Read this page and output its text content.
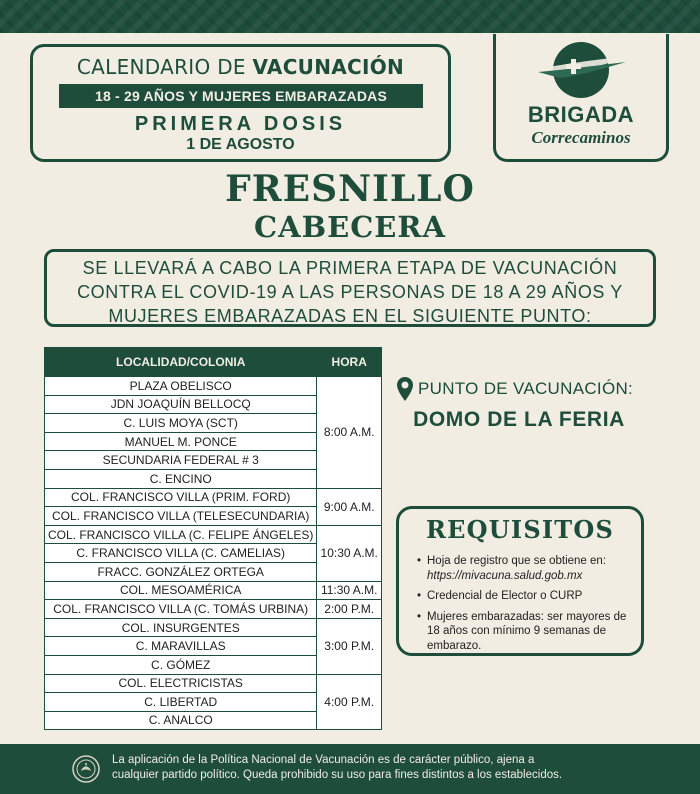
CALENDARIO DE VACUNACIÓN
18 - 29 AÑOS Y MUJERES EMBARAZADAS
PRIMERA DOSIS
1 DE AGOSTO
BRIGADA
Correcaminos
FRESNILLO
CABECERA
SE LLEVARÁ A CABO LA PRIMERA ETAPA DE VACUNACIÓN
CONTRA EL COVID-19 A LAS PERSONAS DE 18 A 29 AÑOS Y
MUJERES EMBARAZADAS EN EL SIGUIENTE PUNTO:
LOCALIDAD/COLONIA	HORA
PLAZA OBELISCO	8:00 A.M.
JDN JOAQUÍN BELLOCQ	
C. LUIS MOYA (SCT)	
MANUEL M. PONCE	
SECUNDARIA FEDERAL # 3	
C. ENCINO	
COL. FRANCISCO VILLA (PRIM. FORD)	9:00 A.M.
COL. FRANCISCO VILLA (TELESECUNDARIA)	
COL. FRANCISCO VILLA (C. FELIPE ÁNGELES)	10:30 A.M.
C. FRANCISCO VILLA (C. CAMELIAS)	
FRACC. GONZÁLEZ ORTEGA	
COL. MESOAMÉRICA	11:30 A.M.
COL. FRANCISCO VILLA (C. TOMÁS URBINA)	2:00 P.M.
COL. INSURGENTES	3:00 P.M.
C. MARAVILLAS	
C. GÓMEZ	
COL. ELECTRICISTAS	4:00 P.M.
C. LIBERTAD	
C. ANALCO	
PUNTO DE VACUNACIÓN:
DOMO DE LA FERIA
REQUISITOS
• Hoja de registro que se obtiene en: https://mivacuna.salud.gob.mx
• Credencial de Elector o CURP
• Mujeres embarazadas: ser mayores de 18 años con mínimo 9 semanas de embarazo.
La aplicación de la Política Nacional de Vacunación es de carácter público, ajena a
cualquier partido político. Queda prohibido su uso para fines distintos a los establecidos.
